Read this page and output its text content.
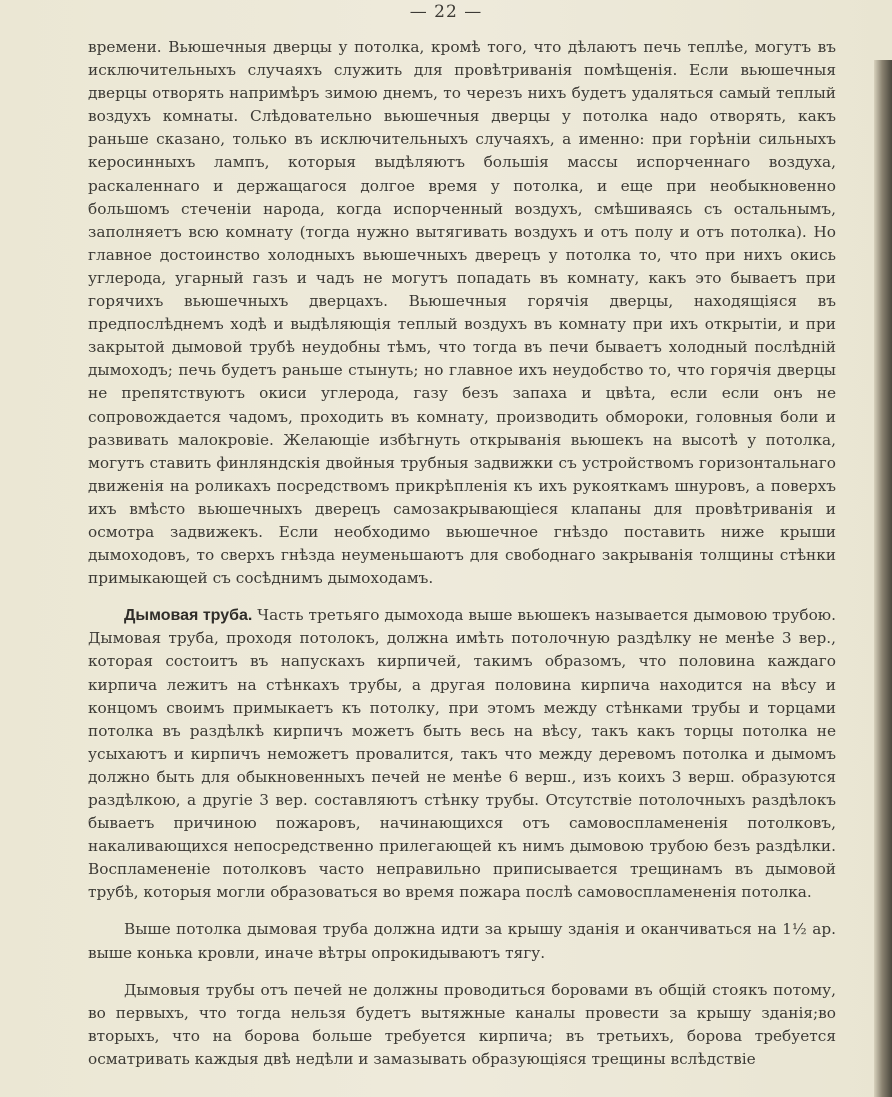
— 22 —

времени. Вьюшечныя дверцы у потолка, кромѣ того, что дѣлаютъ печь теплѣе, могутъ въ исключительныхъ случаяхъ служить для провѣтриванія помѣщенія. Если вьюшечныя дверцы отворять напримѣръ зимою днемъ, то черезъ нихъ будетъ удаляться самый теплый воздухъ комнаты. Слѣдовательно вьюшечныя дверцы у потолка надо отворять, какъ раньше сказано, только въ исключительныхъ случаяхъ, а именно: при горѣніи сильныхъ керосинныхъ лампъ, которыя выдѣляютъ большія массы испорченнаго воздуха, раскаленнаго и держащагося долгое время у потолка, и еще при необыкновенно большомъ стеченіи народа, когда испорченный воздухъ, смѣшиваясь съ остальнымъ, заполняетъ всю комнату (тогда нужно вытягивать воздухъ и отъ полу и отъ потолка). Но главное достоинство холодныхъ вьюшечныхъ дверецъ у потолка то, что при нихъ окись углерода, угарный газъ и чадъ не могутъ попадать въ комнату, какъ это бываетъ при горячихъ вьюшечныхъ дверцахъ. Вьюшечныя горячія дверцы, находящіяся въ предпослѣднемъ ходѣ и выдѣляющія теплый воздухъ въ комнату при ихъ открытіи, и при закрытой дымовой трубѣ неудобны тѣмъ, что тогда въ печи бываетъ холодный послѣдній дымоходъ; печь будетъ раньше стынуть; но главное ихъ неудобство то, что горячія дверцы не препятствуютъ окиси углерода, газу безъ запаха и цвѣта, если если онъ не сопровождается чадомъ, проходить въ комнату, производить обмороки, головныя боли и развивать малокровіе. Желающіе избѣгнуть открыванія вьюшекъ на высотѣ у потолка, могутъ ставить финляндскія двойныя трубныя задвижки съ устройствомъ горизонтальнаго движенія на роликахъ посредствомъ прикрѣпленія къ ихъ рукояткамъ шнуровъ, а поверхъ ихъ вмѣсто вьюшечныхъ дверецъ самозакрывающіеся клапаны для провѣтриванія и осмотра задвижекъ. Если необходимо вьюшечное гнѣздо поставить ниже крыши дымоходовъ, то сверхъ гнѣзда неуменьшаютъ для свободнаго закрыванія толщины стѣнки примыкающей съ сосѣднимъ дымоходамъ.

Дымовая труба. Часть третьяго дымохода выше вьюшекъ называется дымовою трубою. Дымовая труба, проходя потолокъ, должна имѣть потолочную раздѣлку не менѣе 3 вер., которая состоитъ въ напускахъ кирпичей, такимъ образомъ, что половина каждаго кирпича лежитъ на стѣнкахъ трубы, а другая половина кирпича находится на вѣсу и концомъ своимъ примыкаетъ къ потолку, при этомъ между стѣнками трубы и торцами потолка въ раздѣлкѣ кирпичъ можетъ быть весь на вѣсу, такъ какъ торцы потолка не усыхаютъ и кирпичъ неможетъ провалится, такъ что между деревомъ потолка и дымомъ должно быть для обыкновенныхъ печей не менѣе 6 верш., изъ коихъ 3 верш. образуются раздѣлкою, а другіе 3 вер. составляютъ стѣнку трубы. Отсутствіе потолочныхъ раздѣлокъ бываетъ причиною пожаровъ, начинающихся отъ самовоспламененія потолковъ, накаливающихся непосредственно прилегающей къ нимъ дымовою трубою безъ раздѣлки. Воспламененіе потолковъ часто неправильно приписывается трещинамъ въ дымовой трубѣ, которыя могли образоваться во время пожара послѣ самовоспламененія потолка.

Выше потолка дымовая труба должна идти за крышу зданія и оканчиваться на 1½ ар. выше конька кровли, иначе вѣтры опрокидываютъ тягу.

Дымовыя трубы отъ печей не должны проводиться боровами въ общій стоякъ потому, во первыхъ, что тогда нельзя будетъ вытяжные каналы провести за крышу зданія;во вторыхъ, что на борова больше требуется кирпича; въ третьихъ, борова требуется осматривать каждыя двѣ недѣли и замазывать образующіяся трещины вслѣдствіе
